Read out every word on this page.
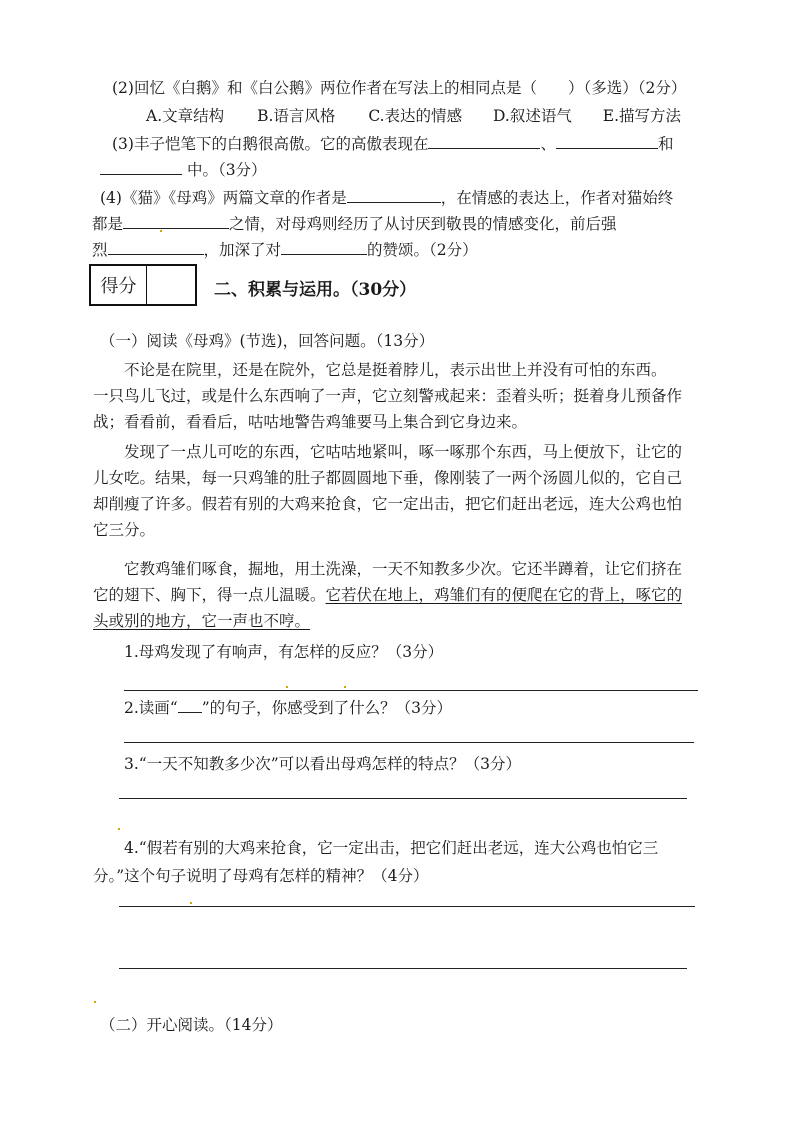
(2)回忆《白鹅》和《白公鹅》两位作者在写法上的相同点是（　　）（多选）（2分）
A.文章结构 B.语言风格 C.表达的情感 D.叙述语气 E.描写方法
(3)丰子恺笔下的白鹅很高傲。它的高傲表现在	、	和
中。（3分）
(4)《猫》《母鸡》两篇文章的作者是	，在情感的表达上，作者对猫始终
都是	之情，对母鸡则经历了从讨厌到敬畏的情感变化，前后强
烈	，加深了对	的赞颂。（2分）
得分	二、积累与运用。（30分）
（一）阅读《母鸡》(节选)，回答问题。（13分）
不论是在院里，还是在院外，它总是挺着脖儿，表示出世上并没有可怕的东西。
一只鸟儿飞过，或是什么东西响了一声，它立刻警戒起来：歪着头听；挺着身儿预备作
战；看看前，看看后，咕咕地警告鸡雏要马上集合到它身边来。
发现了一点儿可吃的东西，它咕咕地紧叫，啄一啄那个东西，马上便放下，让它的
儿女吃。结果，每一只鸡雏的肚子都圆圆地下垂，像刚装了一两个汤圆儿似的，它自己
却削瘦了许多。假若有别的大鸡来抢食，它一定出击，把它们赶出老远，连大公鸡也怕
它三分。
它教鸡雏们啄食，掘地，用土洗澡，一天不知教多少次。它还半蹲着，让它们挤在
它的翅下、胸下，得一点儿温暖。它若伏在地上，鸡雏们有的便爬在它的背上，啄它的
头或别的地方，它一声也不哼。
1.母鸡发现了有响声，有怎样的反应？（3分）
2.读画“ ”的句子，你感受到了什么？（3分）
3.“一天不知教多少次”可以看出母鸡怎样的特点？（3分）
4.“假若有别的大鸡来抢食，它一定出击，把它们赶出老远，连大公鸡也怕它三
分。”这个句子说明了母鸡有怎样的精神？（4分）
（二）开心阅读。（14分）
